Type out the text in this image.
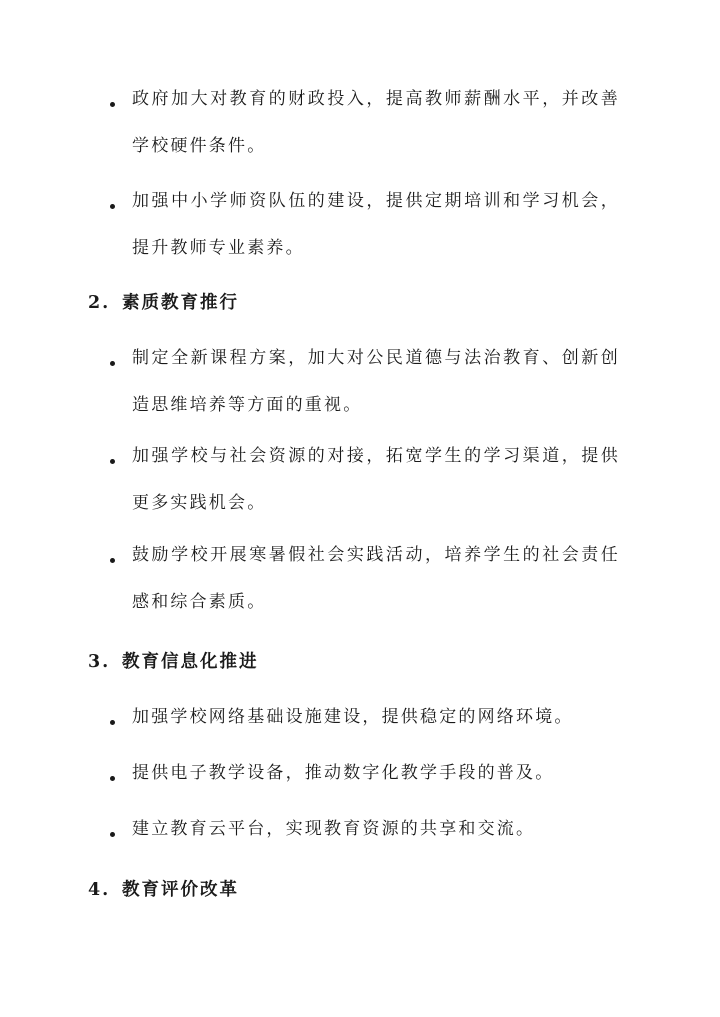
政府加大对教育的财政投入，提高教师薪酬水平，并改善学校硬件条件。
加强中小学师资队伍的建设，提供定期培训和学习机会，提升教师专业素养。
2. 素质教育推行
制定全新课程方案，加大对公民道德与法治教育、创新创造思维培养等方面的重视。
加强学校与社会资源的对接，拓宽学生的学习渠道，提供更多实践机会。
鼓励学校开展寒暑假社会实践活动，培养学生的社会责任感和综合素质。
3. 教育信息化推进
加强学校网络基础设施建设，提供稳定的网络环境。
提供电子教学设备，推动数字化教学手段的普及。
建立教育云平台，实现教育资源的共享和交流。
4. 教育评价改革
